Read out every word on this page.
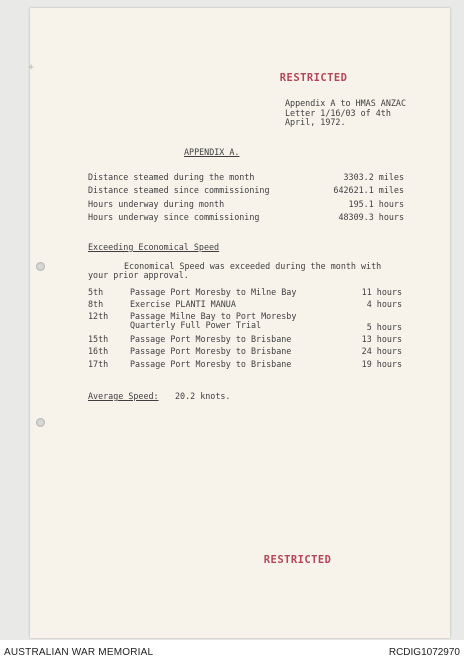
+
RESTRICTED
Appendix A to HMAS ANZAC
Letter 1/16/03 of 4th
April, 1972.
APPENDIX A.
Distance steamed during the month	3303.2 miles
Distance steamed since commissioning	642621.1 miles
Hours underway during month	195.1 hours
Hours underway since commissioning	48309.3 hours
Exceeding Economical Speed
Economical Speed was exceeded during the month with
your prior approval.
5th	Passage Port Moresby to Milne Bay	11 hours
8th	Exercise PLANTI MANUA	4 hours
12th	Passage Milne Bay to Port Moresby
Quarterly Full Power Trial	5 hours
15th	Passage Port Moresby to Brisbane	13 hours
16th	Passage Port Moresby to Brisbane	24 hours
17th	Passage Port Moresby to Brisbane	19 hours
Average Speed: 20.2 knots.
RESTRICTED
AUSTRALIAN WAR MEMORIAL	RCDIG1072970
